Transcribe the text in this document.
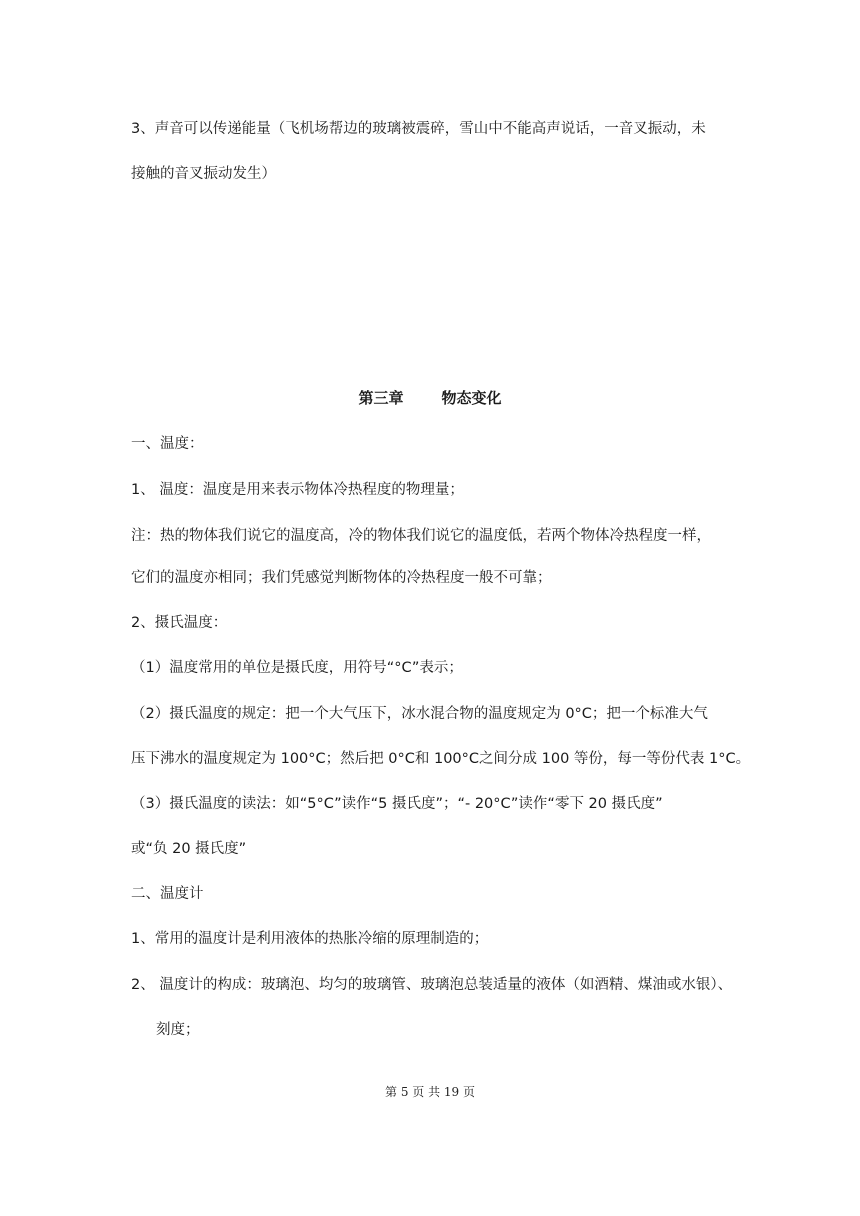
3、声音可以传递能量（飞机场帮边的玻璃被震碎，雪山中不能高声说话，一音叉振动，未
接触的音叉振动发生）
第三章	物态变化
一、温度：
1、 温度：温度是用来表示物体冷热程度的物理量；
注：热的物体我们说它的温度高，冷的物体我们说它的温度低，若两个物体冷热程度一样，
它们的温度亦相同；我们凭感觉判断物体的冷热程度一般不可靠；
2、摄氏温度：
（1）温度常用的单位是摄氏度，用符号“°C”表示；
（2）摄氏温度的规定：把一个大气压下，冰水混合物的温度规定为 0°C；把一个标准大气
压下沸水的温度规定为 100°C；然后把 0°C和 100°C之间分成 100 等份，每一等份代表 1°C。
（3）摄氏温度的读法：如“5°C”读作“5 摄氏度”；“- 20°C”读作“零下 20 摄氏度”
或“负 20 摄氏度”
二、温度计
1、常用的温度计是利用液体的热胀冷缩的原理制造的；
2、 温度计的构成：玻璃泡、均匀的玻璃管、玻璃泡总装适量的液体（如酒精、煤油或水银）、
刻度；
第 5 页 共 19 页
